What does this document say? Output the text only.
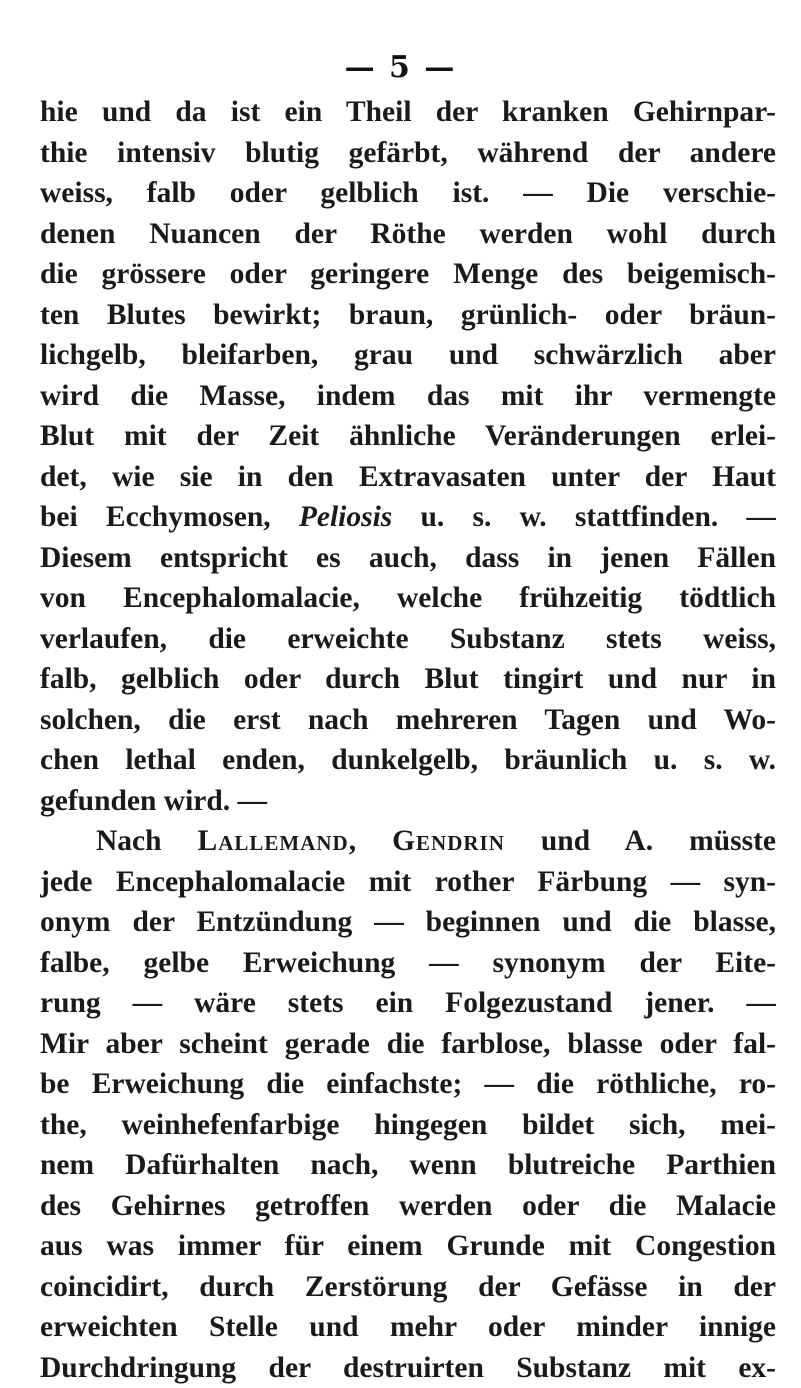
— 5 —
hie und da ist ein Theil der kranken Gehirnpar-
thie intensiv blutig gefärbt, während der andere
weiss, falb oder gelblich ist. — Die verschie-
denen Nuancen der Röthe werden wohl durch
die grössere oder geringere Menge des beigemisch-
ten Blutes bewirkt; braun, grünlich- oder bräun-
lichgelb, bleifarben, grau und schwärzlich aber
wird die Masse, indem das mit ihr vermengte
Blut mit der Zeit ähnliche Veränderungen erlei-
det, wie sie in den Extravasaten unter der Haut
bei Ecchymosen, Peliosis u. s. w. stattfinden. —
Diesem entspricht es auch, dass in jenen Fällen
von Encephalomalacie, welche frühzeitig tödtlich
verlaufen, die erweichte Substanz stets weiss,
falb, gelblich oder durch Blut tingirt und nur in
solchen, die erst nach mehreren Tagen und Wo-
chen lethal enden, dunkelgelb, bräunlich u. s. w.
gefunden wird. —
Nach Lallemand, Gendrin und A. müsste
jede Encephalomalacie mit rother Färbung — syn-
onym der Entzündung — beginnen und die blasse,
falbe, gelbe Erweichung — synonym der Eite-
rung — wäre stets ein Folgezustand jener. —
Mir aber scheint gerade die farblose, blasse oder fal-
be Erweichung die einfachste; — die röthliche, ro-
the, weinhefenfarbige hingegen bildet sich, mei-
nem Dafürhalten nach, wenn blutreiche Parthien
des Gehirnes getroffen werden oder die Malacie
aus was immer für einem Grunde mit Congestion
coincidirt, durch Zerstörung der Gefässe in der
erweichten Stelle und mehr oder minder innige
Durchdringung der destruirten Substanz mit ex-
